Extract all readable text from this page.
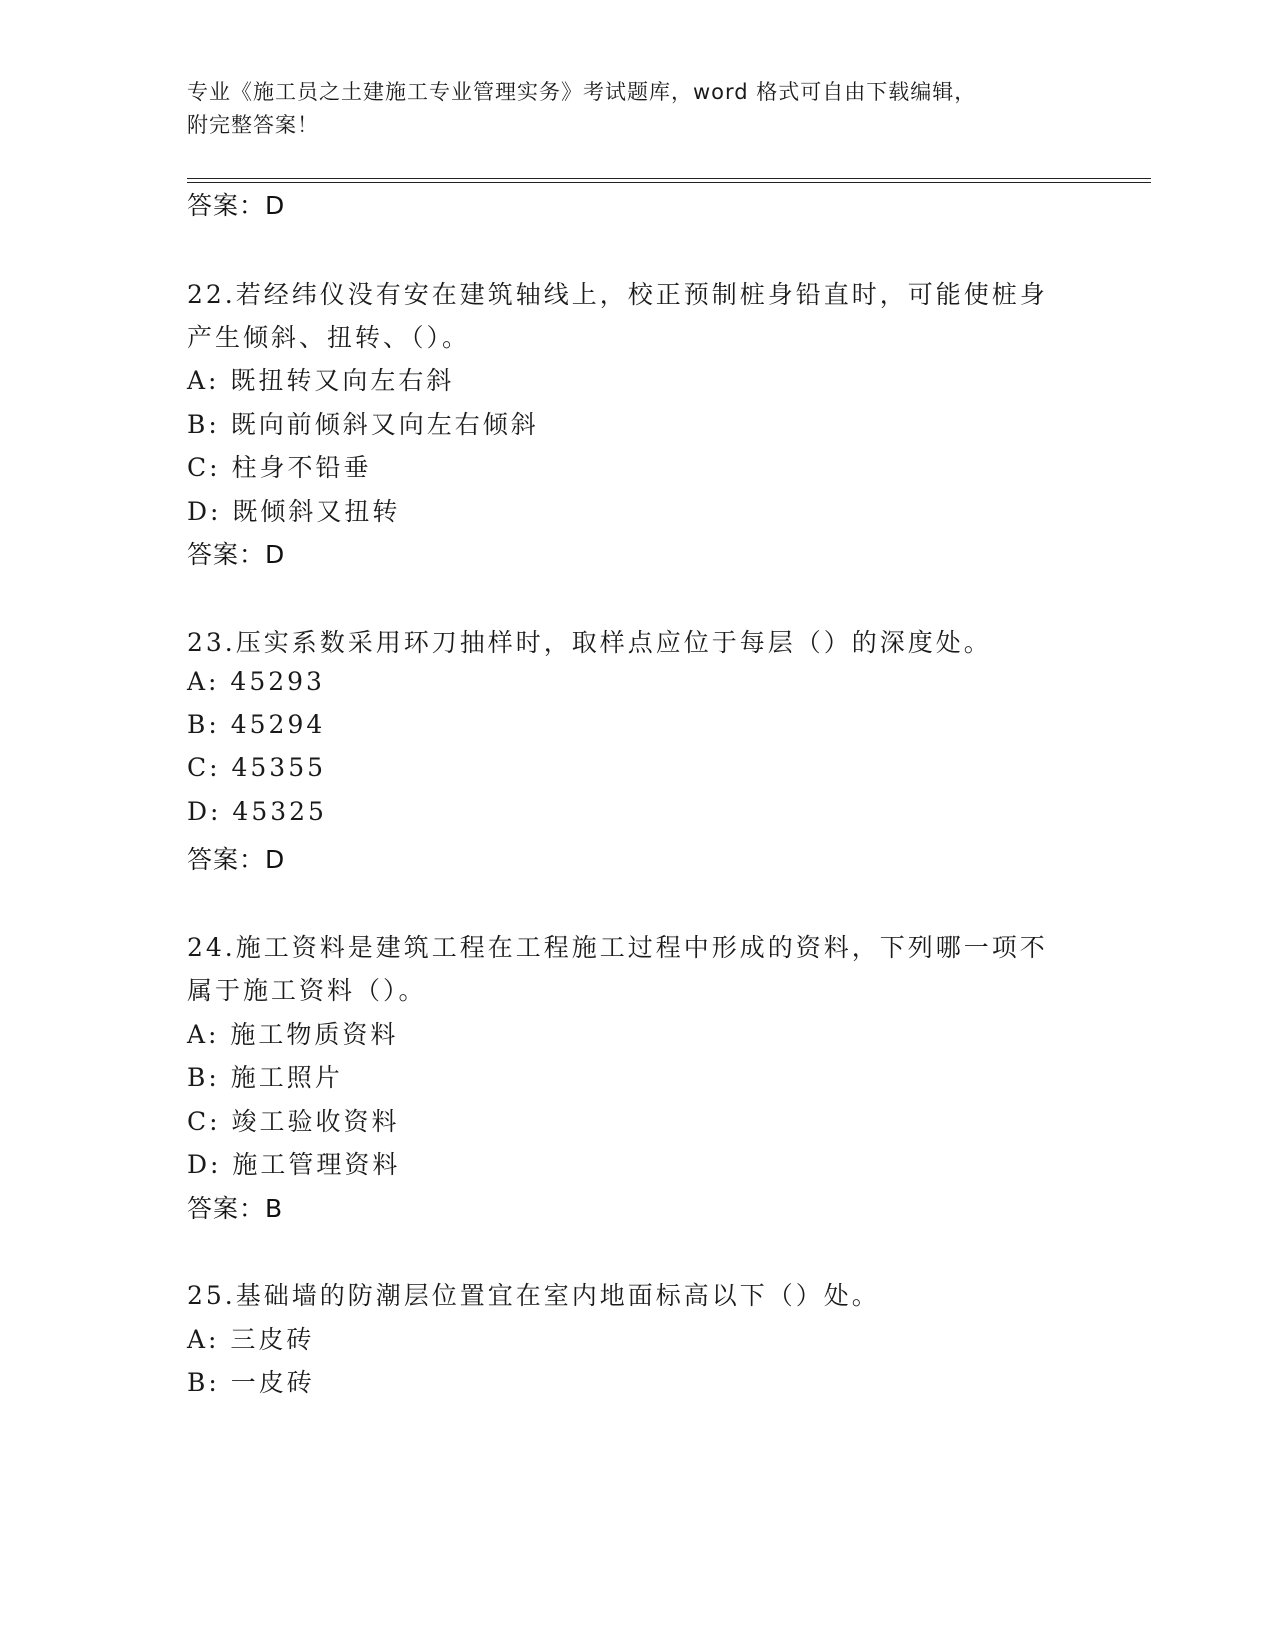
专业《施工员之土建施工专业管理实务》考试题库，word 格式可自由下载编辑，
附完整答案！
答案：D
22.若经纬仪没有安在建筑轴线上，校正预制桩身铅直时，可能使桩身
产生倾斜、扭转、（）。
A: 既扭转又向左右斜
B: 既向前倾斜又向左右倾斜
C: 柱身不铅垂
D: 既倾斜又扭转
答案：D
23.压实系数采用环刀抽样时，取样点应位于每层（）的深度处。
A: 45293
B: 45294
C: 45355
D: 45325
答案：D
24.施工资料是建筑工程在工程施工过程中形成的资料，下列哪一项不
属于施工资料（）。
A: 施工物质资料
B: 施工照片
C: 竣工验收资料
D: 施工管理资料
答案：B
25.基础墙的防潮层位置宜在室内地面标高以下（）处。
A: 三皮砖
B: 一皮砖
